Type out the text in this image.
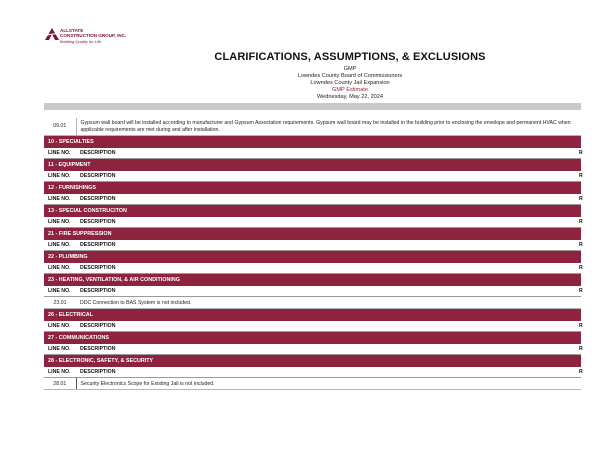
ALLSTATE
CONSTRUCTION GROUP, INC.
Building Quality for Life
CLARIFICATIONS, ASSUMPTIONS, & EXCLUSIONS
GMP
Lowndes County Board of Commissioners
Lowndes County Jail Expansion
GMP Estimate
Wednesday, May 22, 2024
09.01	Gypsum wall board will be installed according to manufacturer and Gypsum Association requirements. Gypsum wall board may be installed in the building prior to enclosing the envelope and permanent HVAC when applicable requirements are met during and after installation.	
10 - SPECIALTIES		
LINE NO.	DESCRIPTION	R
11 - EQUIPMENT		
LINE NO.	DESCRIPTION	R
12 - FURNISHINGS		
LINE NO.	DESCRIPTION	R
13 - SPECIAL CONSTRUCITON		
LINE NO.	DESCRIPTION	R
21 - FIRE SUPPRESSION		
LINE NO.	DESCRIPTION	R
22 - PLUMBING		
LINE NO.	DESCRIPTION	R
23 - HEATING, VENTILATION, & AIR CONDITIONING		
LINE NO.	DESCRIPTION	R
23.01	DDC Connection to BAS System is not included.	
26 - ELECTRICAL		
LINE NO.	DESCRIPTION	R
27 - COMMUNICATIONS		
LINE NO.	DESCRIPTION	R
28 - ELECTRONIC, SAFETY, & SECURITY		
LINE NO.	DESCRIPTION	R
28.01	Security Electronics Scope for Existing Jail is not included.	
